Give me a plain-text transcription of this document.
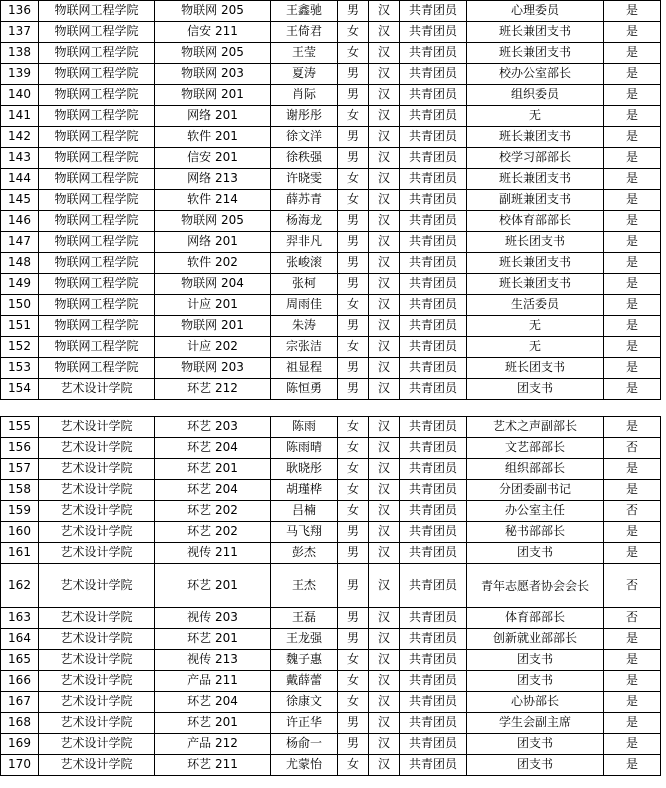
136	物联网工程学院	物联网 205	王鑫驰	男	汉	共青团员	心理委员	是
137	物联网工程学院	信安 211	王倚君	女	汉	共青团员	班长兼团支书	是
138	物联网工程学院	物联网 205	王莹	女	汉	共青团员	班长兼团支书	是
139	物联网工程学院	物联网 203	夏涛	男	汉	共青团员	校办公室部长	是
140	物联网工程学院	物联网 201	肖际	男	汉	共青团员	组织委员	是
141	物联网工程学院	网络 201	谢彤彤	女	汉	共青团员	无	是
142	物联网工程学院	软件 201	徐文洋	男	汉	共青团员	班长兼团支书	是
143	物联网工程学院	信安 201	徐秩强	男	汉	共青团员	校学习部部长	是
144	物联网工程学院	网络 213	许晓雯	女	汉	共青团员	班长兼团支书	是
145	物联网工程学院	软件 214	薛苏青	女	汉	共青团员	副班兼团支书	是
146	物联网工程学院	物联网 205	杨海龙	男	汉	共青团员	校体育部部长	是
147	物联网工程学院	网络 201	羿非凡	男	汉	共青团员	班长团支书	是
148	物联网工程学院	软件 202	张峻滚	男	汉	共青团员	班长兼团支书	是
149	物联网工程学院	物联网 204	张柯	男	汉	共青团员	班长兼团支书	是
150	物联网工程学院	计应 201	周雨佳	女	汉	共青团员	生活委员	是
151	物联网工程学院	物联网 201	朱涛	男	汉	共青团员	无	是
152	物联网工程学院	计应 202	宗张洁	女	汉	共青团员	无	是
153	物联网工程学院	物联网 203	祖显程	男	汉	共青团员	班长团支书	是
154	艺术设计学院	环艺 212	陈恒勇	男	汉	共青团员	团支书	是
155	艺术设计学院	环艺 203	陈雨	女	汉	共青团员	艺术之声副部长	是
156	艺术设计学院	环艺 204	陈雨晴	女	汉	共青团员	文艺部部长	否
157	艺术设计学院	环艺 201	耿晓彤	女	汉	共青团员	组织部部长	是
158	艺术设计学院	环艺 204	胡瑾桦	女	汉	共青团员	分团委副书记	是
159	艺术设计学院	环艺 202	吕楠	女	汉	共青团员	办公室主任	否
160	艺术设计学院	环艺 202	马飞翔	男	汉	共青团员	秘书部部长	是
161	艺术设计学院	视传 211	彭杰	男	汉	共青团员	团支书	是
162	艺术设计学院	环艺 201	王杰	男	汉	共青团员	青年志愿者协会会长	否
163	艺术设计学院	视传 203	王磊	男	汉	共青团员	体育部部长	否
164	艺术设计学院	环艺 201	王龙强	男	汉	共青团员	创新就业部部长	是
165	艺术设计学院	视传 213	魏子惠	女	汉	共青团员	团支书	是
166	艺术设计学院	产品 211	戴薛蕾	女	汉	共青团员	团支书	是
167	艺术设计学院	环艺 204	徐康文	女	汉	共青团员	心协部长	是
168	艺术设计学院	环艺 201	许正华	男	汉	共青团员	学生会副主席	是
169	艺术设计学院	产品 212	杨俞一	男	汉	共青团员	团支书	是
170	艺术设计学院	环艺 211	尤蒙怡	女	汉	共青团员	团支书	是
